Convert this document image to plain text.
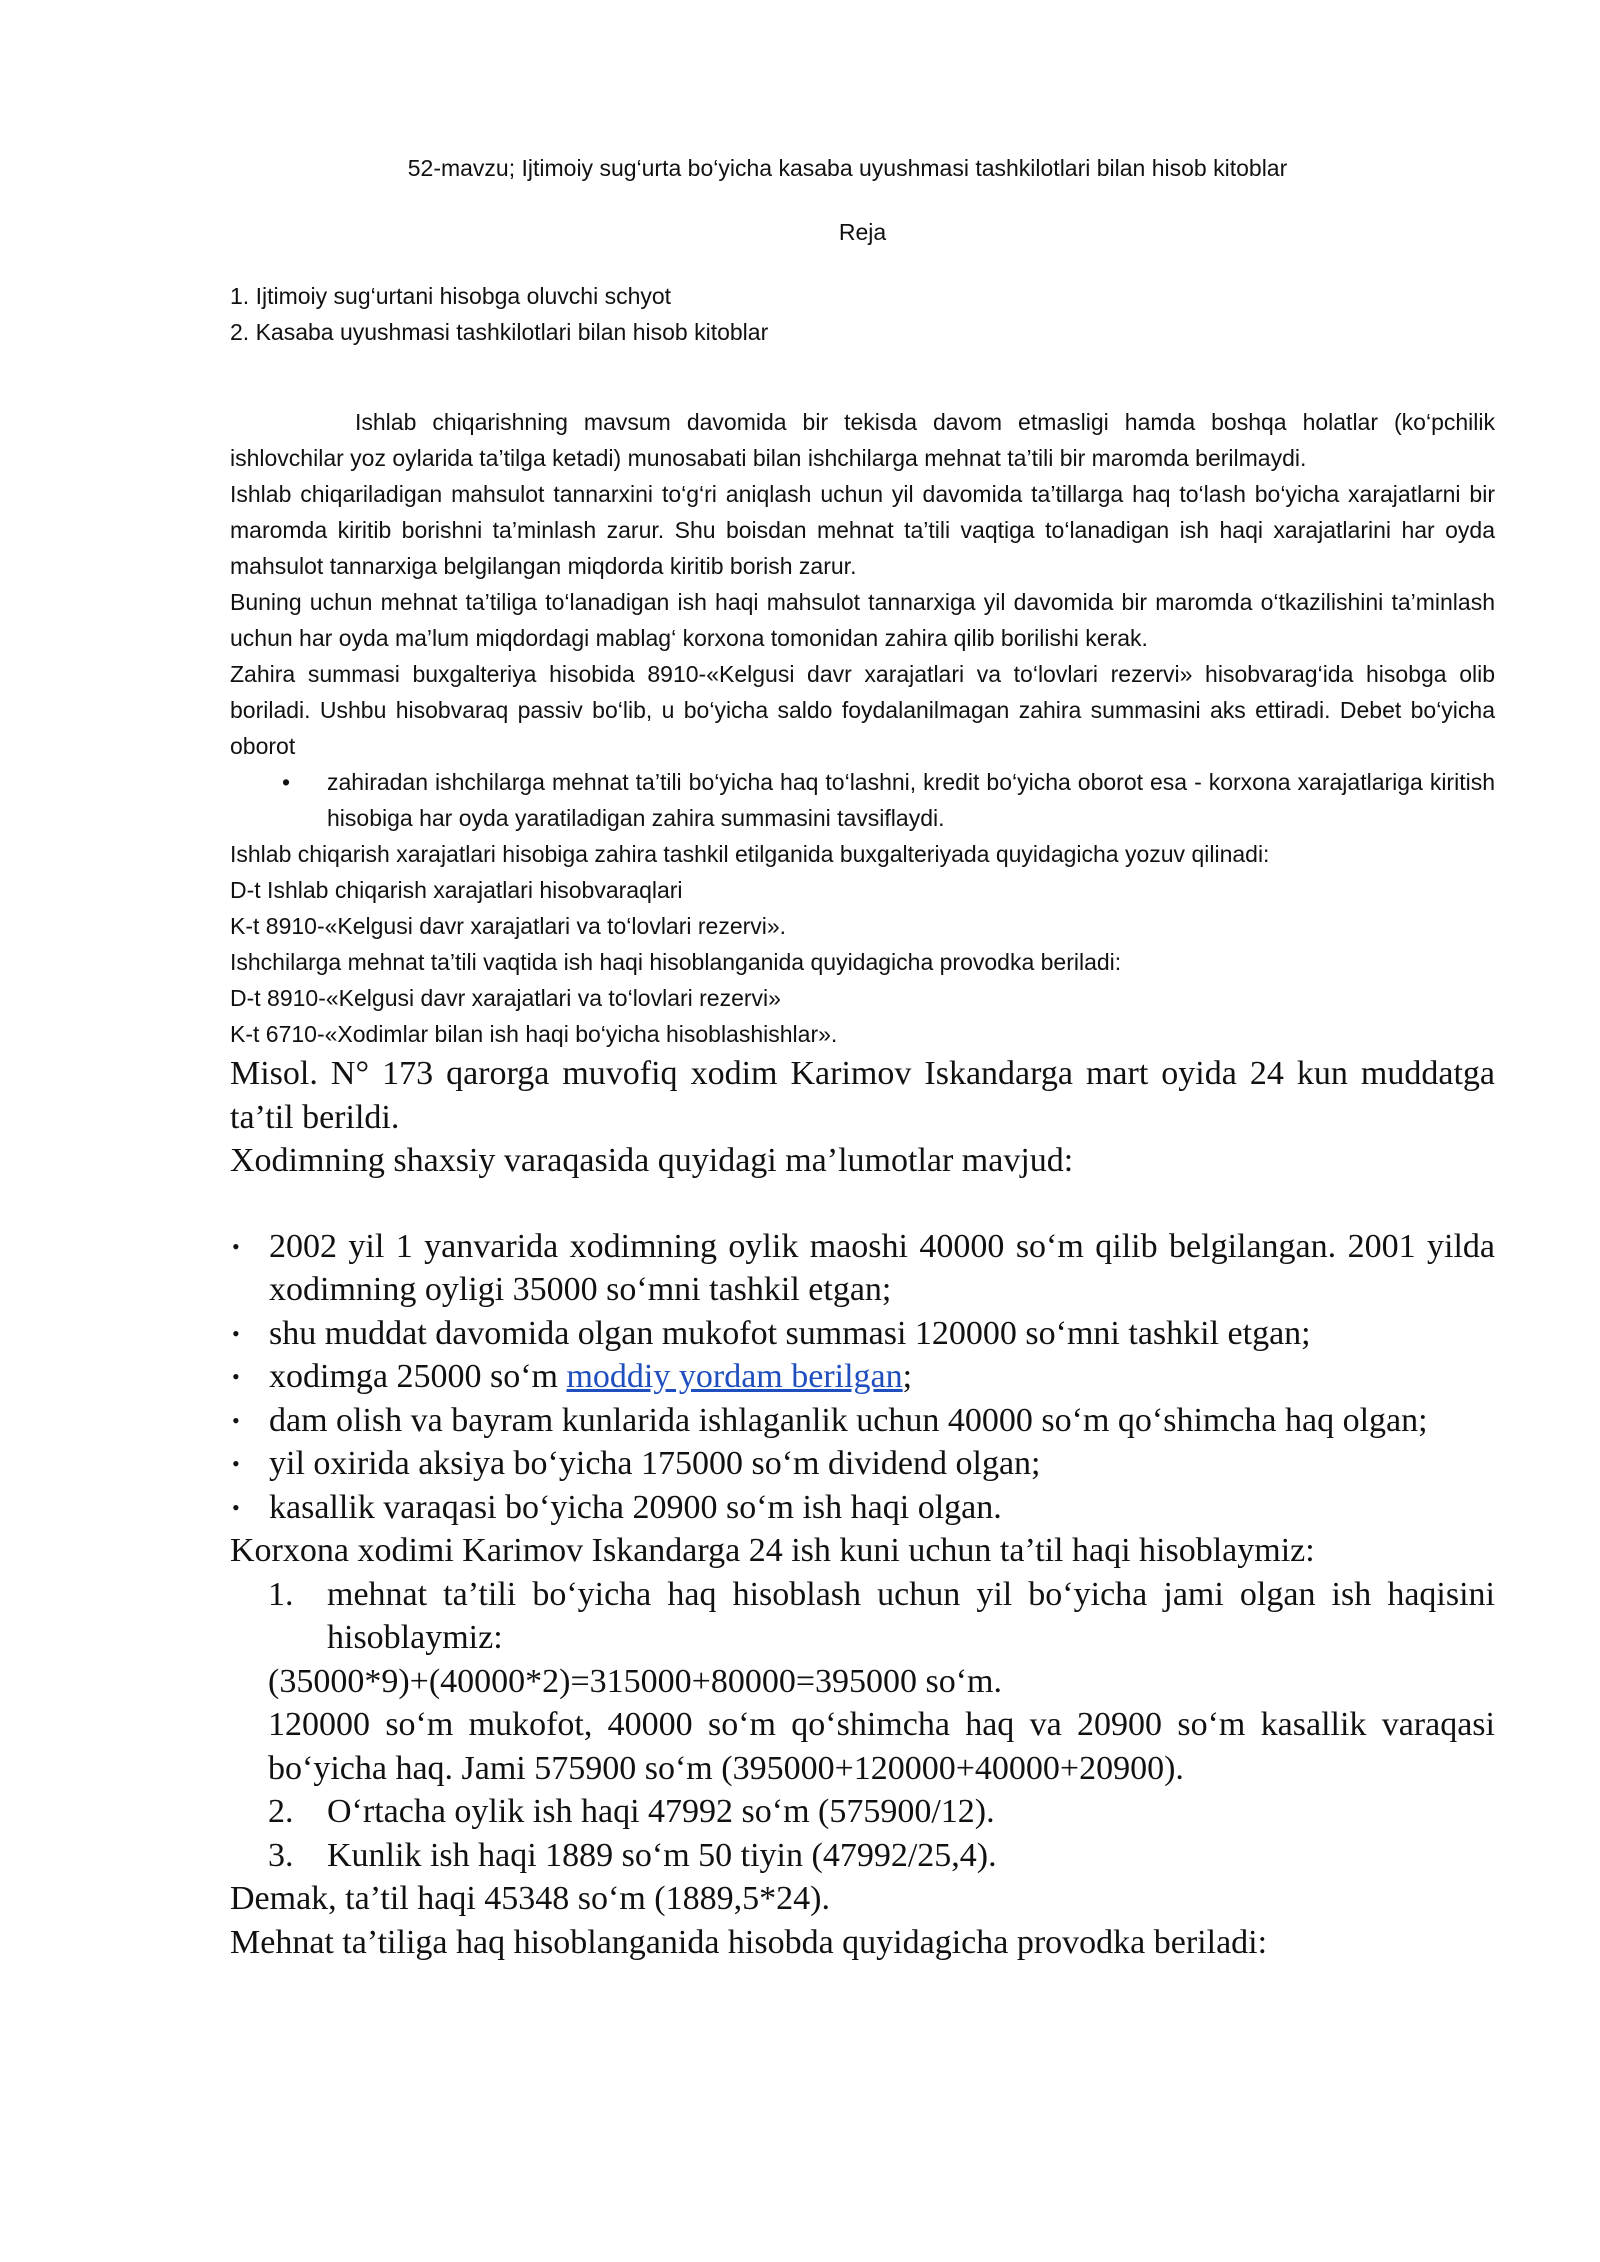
52-mavzu; Ijtimoiy sug‘urta bo‘yicha kasaba uyushmasi tashkilotlari bilan hisob kitoblar

Reja

1. Ijtimoiy sug‘urtani hisobga oluvchi schyot

2. Kasaba uyushmasi tashkilotlari bilan hisob kitoblar

Ishlab chiqarishning mavsum davomida bir tekisda davom etmasligi hamda boshqa holatlar (ko‘pchilik ishlovchilar yoz oylarida ta’tilga ketadi) munosabati bilan ishchilarga mehnat ta’tili bir maromda berilmaydi.

Ishlab chiqariladigan mahsulot tannarxini to‘g‘ri aniqlash uchun yil davomida ta’tillarga haq to‘lash bo‘yicha xarajatlarni bir maromda kiritib borishni ta’minlash zarur. Shu boisdan mehnat ta’tili vaqtiga to‘lanadigan ish haqi xarajatlarini har oyda mahsulot tannarxiga belgilangan miqdorda kiritib borish zarur.

Buning uchun mehnat ta’tiliga to‘lanadigan ish haqi mahsulot tannarxiga yil davomida bir maromda o‘tkazilishini ta’minlash uchun har oyda ma’lum miqdordagi mablag‘ korxona tomonidan zahira qilib borilishi kerak.

Zahira summasi buxgalteriya hisobida 8910-«Kelgusi davr xarajatlari va to‘lovlari rezervi» hisobvarag‘ida hisobga olib boriladi. Ushbu hisobvaraq passiv bo‘lib, u bo‘yicha saldo foydalanilmagan zahira summasini aks ettiradi. Debet bo‘yicha oborot

• zahiradan ishchilarga mehnat ta’tili bo‘yicha haq to‘lashni, kredit bo‘yicha oborot esa - korxona xarajatlariga kiritish hisobiga har oyda yaratiladigan zahira summasini tavsiflaydi.

Ishlab chiqarish xarajatlari hisobiga zahira tashkil etilganida buxgalteriyada quyidagicha yozuv qilinadi:

D-t Ishlab chiqarish xarajatlari hisobvaraqlari

K-t 8910-«Kelgusi davr xarajatlari va to‘lovlari rezervi».

Ishchilarga mehnat ta’tili vaqtida ish haqi hisoblanganida quyidagicha provodka beriladi:

D-t 8910-«Kelgusi davr xarajatlari va to‘lovlari rezervi»

K-t 6710-«Xodimlar bilan ish haqi bo‘yicha hisoblashishlar».

Misol. N° 173 qarorga muvofiq xodim Karimov Iskandarga mart oyida 24 kun muddatga ta’til berildi.

Xodimning shaxsiy varaqasida quyidagi ma’lumotlar mavjud:

• 2002 yil 1 yanvarida xodimning oylik maoshi 40000 so‘m qilib belgilangan. 2001 yilda xodimning oyligi 35000 so‘mni tashkil etgan;
• shu muddat davomida olgan mukofot summasi 120000 so‘mni tashkil etgan;
• xodimga 25000 so‘m moddiy yordam berilgan;
• dam olish va bayram kunlarida ishlaganlik uchun 40000 so‘m qo‘shimcha haq olgan;
• yil oxirida aksiya bo‘yicha 175000 so‘m dividend olgan;
• kasallik varaqasi bo‘yicha 20900 so‘m ish haqi olgan.

Korxona xodimi Karimov Iskandarga 24 ish kuni uchun ta’til haqi hisoblaymiz:

1. mehnat ta’tili bo‘yicha haq hisoblash uchun yil bo‘yicha jami olgan ish haqisini hisoblaymiz:

(35000*9)+(40000*2)=315000+80000=395000 so‘m.

120000 so‘m mukofot, 40000 so‘m qo‘shimcha haq va 20900 so‘m kasallik varaqasi bo‘yicha haq. Jami 575900 so‘m (395000+120000+40000+20900).

2. O‘rtacha oylik ish haqi 47992 so‘m (575900/12).
3. Kunlik ish haqi 1889 so‘m 50 tiyin (47992/25,4).

Demak, ta’til haqi 45348 so‘m (1889,5*24).

Mehnat ta’tiliga haq hisoblanganida hisobda quyidagicha provodka beriladi:
